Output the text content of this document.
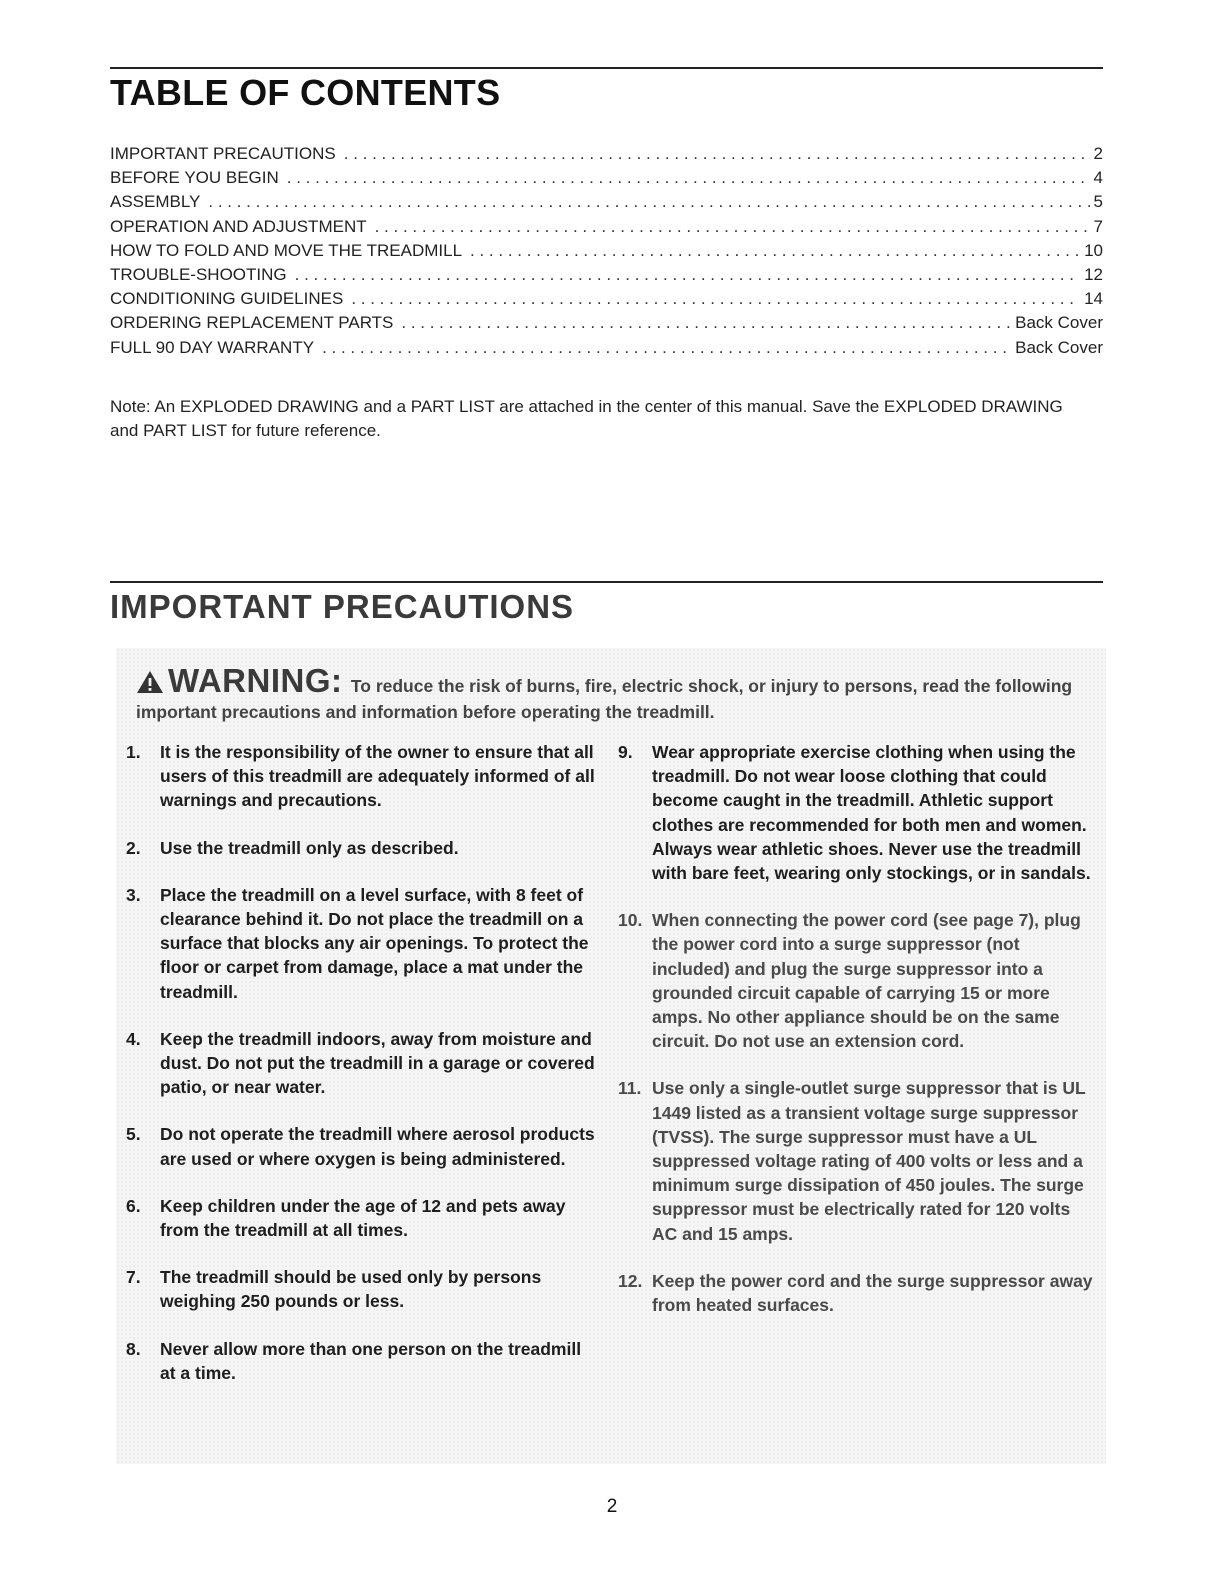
TABLE OF CONTENTS
IMPORTANT PRECAUTIONS . . .	2
BEFORE YOU BEGIN . . .	4
ASSEMBLY . . .	5
OPERATION AND ADJUSTMENT . . .	7
HOW TO FOLD AND MOVE THE TREADMILL . . .	10
TROUBLE-SHOOTING . . .	12
CONDITIONING GUIDELINES . . .	14
ORDERING REPLACEMENT PARTS . . .	Back Cover
FULL 90 DAY WARRANTY . . .	Back Cover

Note: An EXPLODED DRAWING and a PART LIST are attached in the center of this manual. Save the EXPLODED DRAWING and PART LIST for future reference.

IMPORTANT PRECAUTIONS
WARNING: To reduce the risk of burns, fire, electric shock, or injury to persons, read the following important precautions and information before operating the treadmill.
1.	It is the responsibility of the owner to ensure that all users of this treadmill are adequately informed of all warnings and precautions.
2.	Use the treadmill only as described.
3.	Place the treadmill on a level surface, with 8 feet of clearance behind it. Do not place the treadmill on a surface that blocks any air openings. To protect the floor or carpet from damage, place a mat under the treadmill.
4.	Keep the treadmill indoors, away from moisture and dust. Do not put the treadmill in a garage or covered patio, or near water.
5.	Do not operate the treadmill where aerosol products are used or where oxygen is being administered.
6.	Keep children under the age of 12 and pets away from the treadmill at all times.
7.	The treadmill should be used only by persons weighing 250 pounds or less.
8.	Never allow more than one person on the treadmill at a time.
9.	Wear appropriate exercise clothing when using the treadmill. Do not wear loose clothing that could become caught in the treadmill. Athletic support clothes are recommended for both men and women. Always wear athletic shoes. Never use the treadmill with bare feet, wearing only stockings, or in sandals.
10. When connecting the power cord (see page 7), plug the power cord into a surge suppressor (not included) and plug the surge suppressor into a grounded circuit capable of carrying 15 or more amps. No other appliance should be on the same circuit. Do not use an extension cord.
11. Use only a single-outlet surge suppressor that is UL 1449 listed as a transient voltage surge suppressor (TVSS). The surge suppressor must have a UL suppressed voltage rating of 400 volts or less and a minimum surge dissipation of 450 joules. The surge suppressor must be electrically rated for 120 volts AC and 15 amps.
12. Keep the power cord and the surge suppressor away from heated surfaces.
2
